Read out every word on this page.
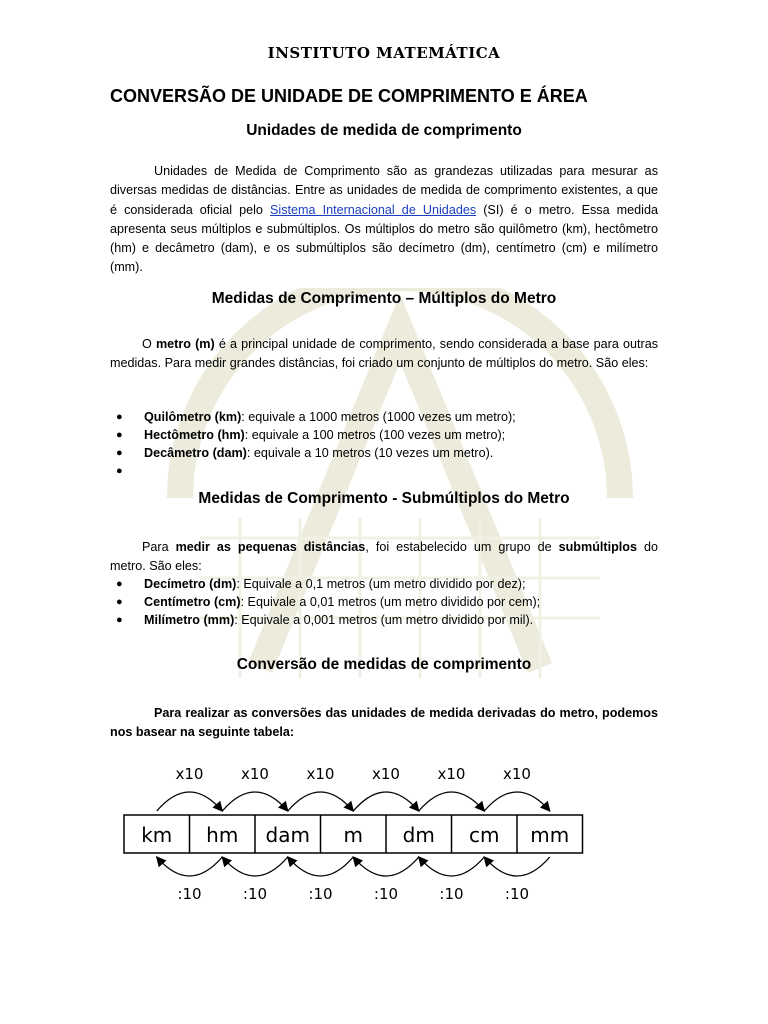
INSTITUTO MATEMÁTICA
CONVERSÃO DE UNIDADE DE COMPRIMENTO E ÁREA
Unidades de medida de comprimento
Unidades de Medida de Comprimento são as grandezas utilizadas para mesurar as diversas medidas de distâncias. Entre as unidades de medida de comprimento existentes, a que é considerada oficial pelo Sistema Internacional de Unidades (SI) é o metro. Essa medida apresenta seus múltiplos e submúltiplos. Os múltiplos do metro são quilômetro (km), hectômetro (hm) e decâmetro (dam), e os submúltiplos são decímetro (dm), centímetro (cm) e milímetro (mm).
Medidas de Comprimento – Múltiplos do Metro
O metro (m) é a principal unidade de comprimento, sendo considerada a base para outras medidas. Para medir grandes distâncias, foi criado um conjunto de múltiplos do metro. São eles:
● Quilômetro (km): equivale a 1000 metros (1000 vezes um metro);
● Hectômetro (hm): equivale a 100 metros (100 vezes um metro);
● Decâmetro (dam): equivale a 10 metros (10 vezes um metro).
●

Medidas de Comprimento - Submúltiplos do Metro
Para medir as pequenas distâncias, foi estabelecido um grupo de submúltiplos do metro. São eles:
● Decímetro (dm): Equivale a 0,1 metros (um metro dividido por dez);
● Centímetro (cm): Equivale a 0,01 metros (um metro dividido por cem);
● Milímetro (mm): Equivale a 0,001 metros (um metro dividido por mil).
Conversão de medidas de comprimento
Para realizar as conversões das unidades de medida derivadas do metro, podemos nos basear na seguinte tabela:
km
x10
:10
hm
x10
:10
dam
x10
:10
m
x10
:10
dm
x10
:10
cm
x10
:10
mm
